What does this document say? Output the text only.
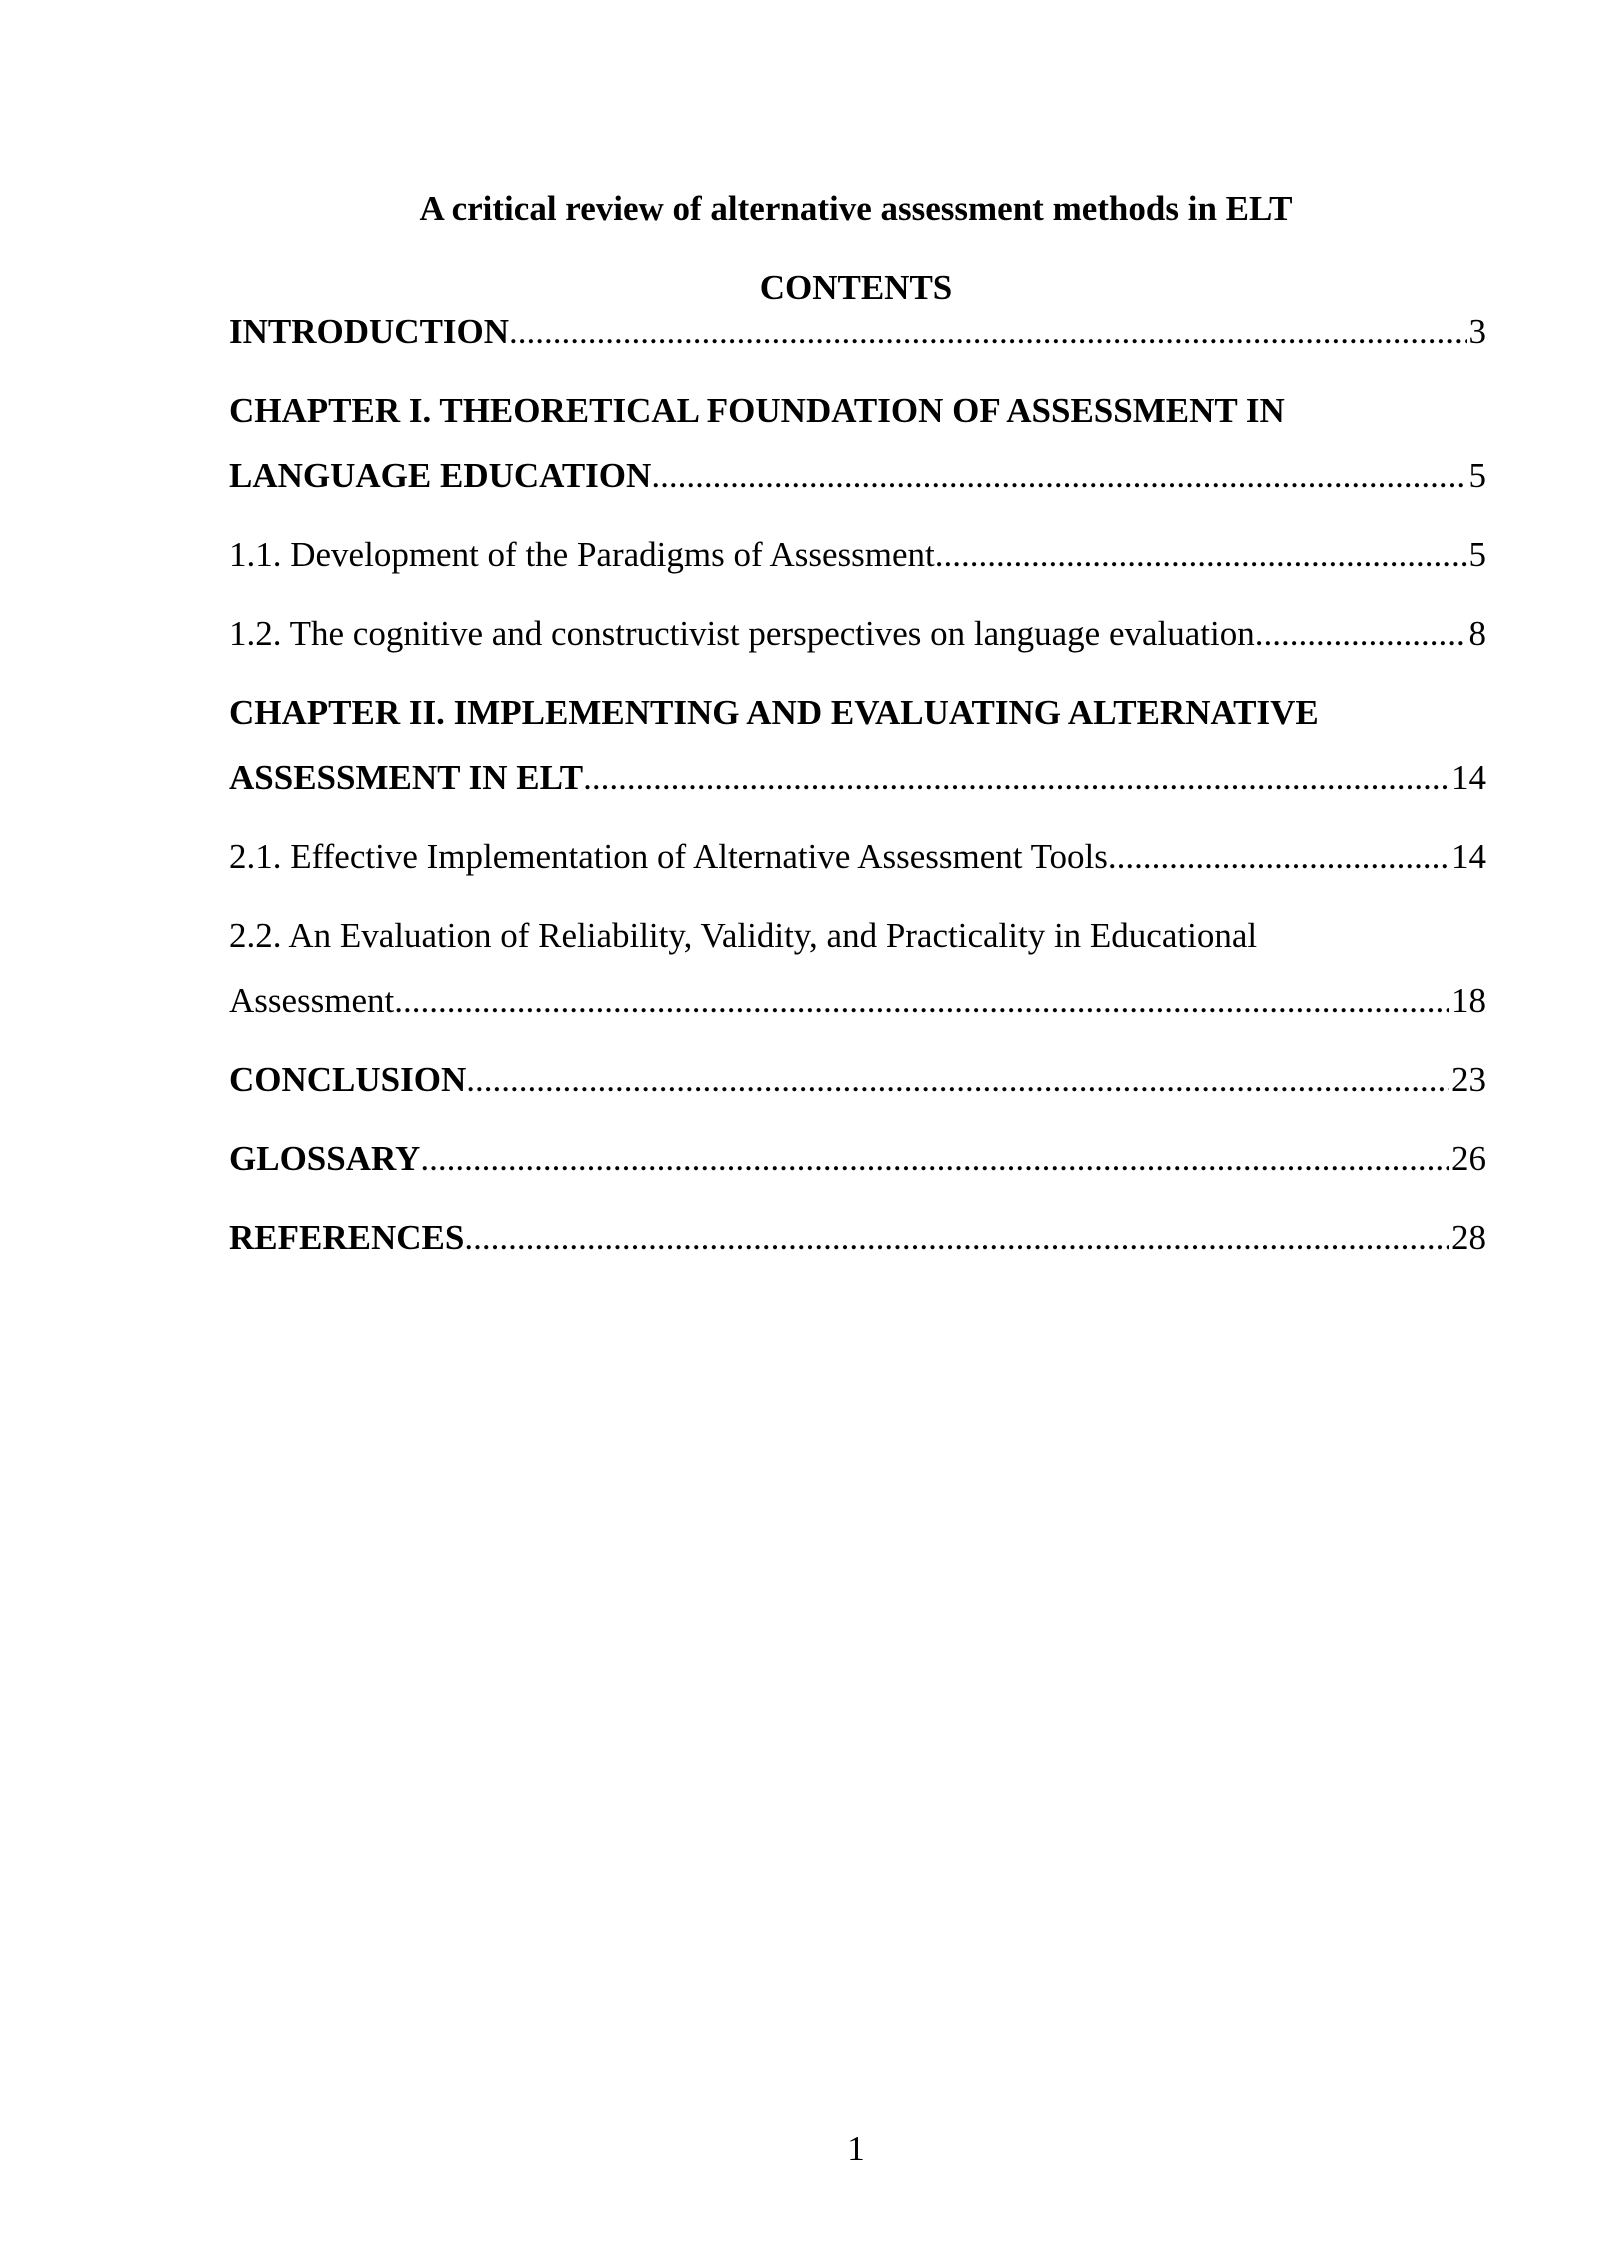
A critical review of alternative assessment methods in ELT
CONTENTS
INTRODUCTION .....	3
CHAPTER I. THEORETICAL FOUNDATION OF ASSESSMENT IN
LANGUAGE EDUCATION .....	5
1.1. Development of the Paradigms of Assessment .....	5
1.2. The cognitive and constructivist perspectives on language evaluation .....	8
CHAPTER II. IMPLEMENTING AND EVALUATING ALTERNATIVE
ASSESSMENT IN ELT .....	14
2.1. Effective Implementation of Alternative Assessment Tools .....	14
2.2. An Evaluation of Reliability, Validity, and Practicality in Educational
Assessment .....	18
CONCLUSION .....	23
GLOSSARY .....	26
REFERENCES .....	28
1
